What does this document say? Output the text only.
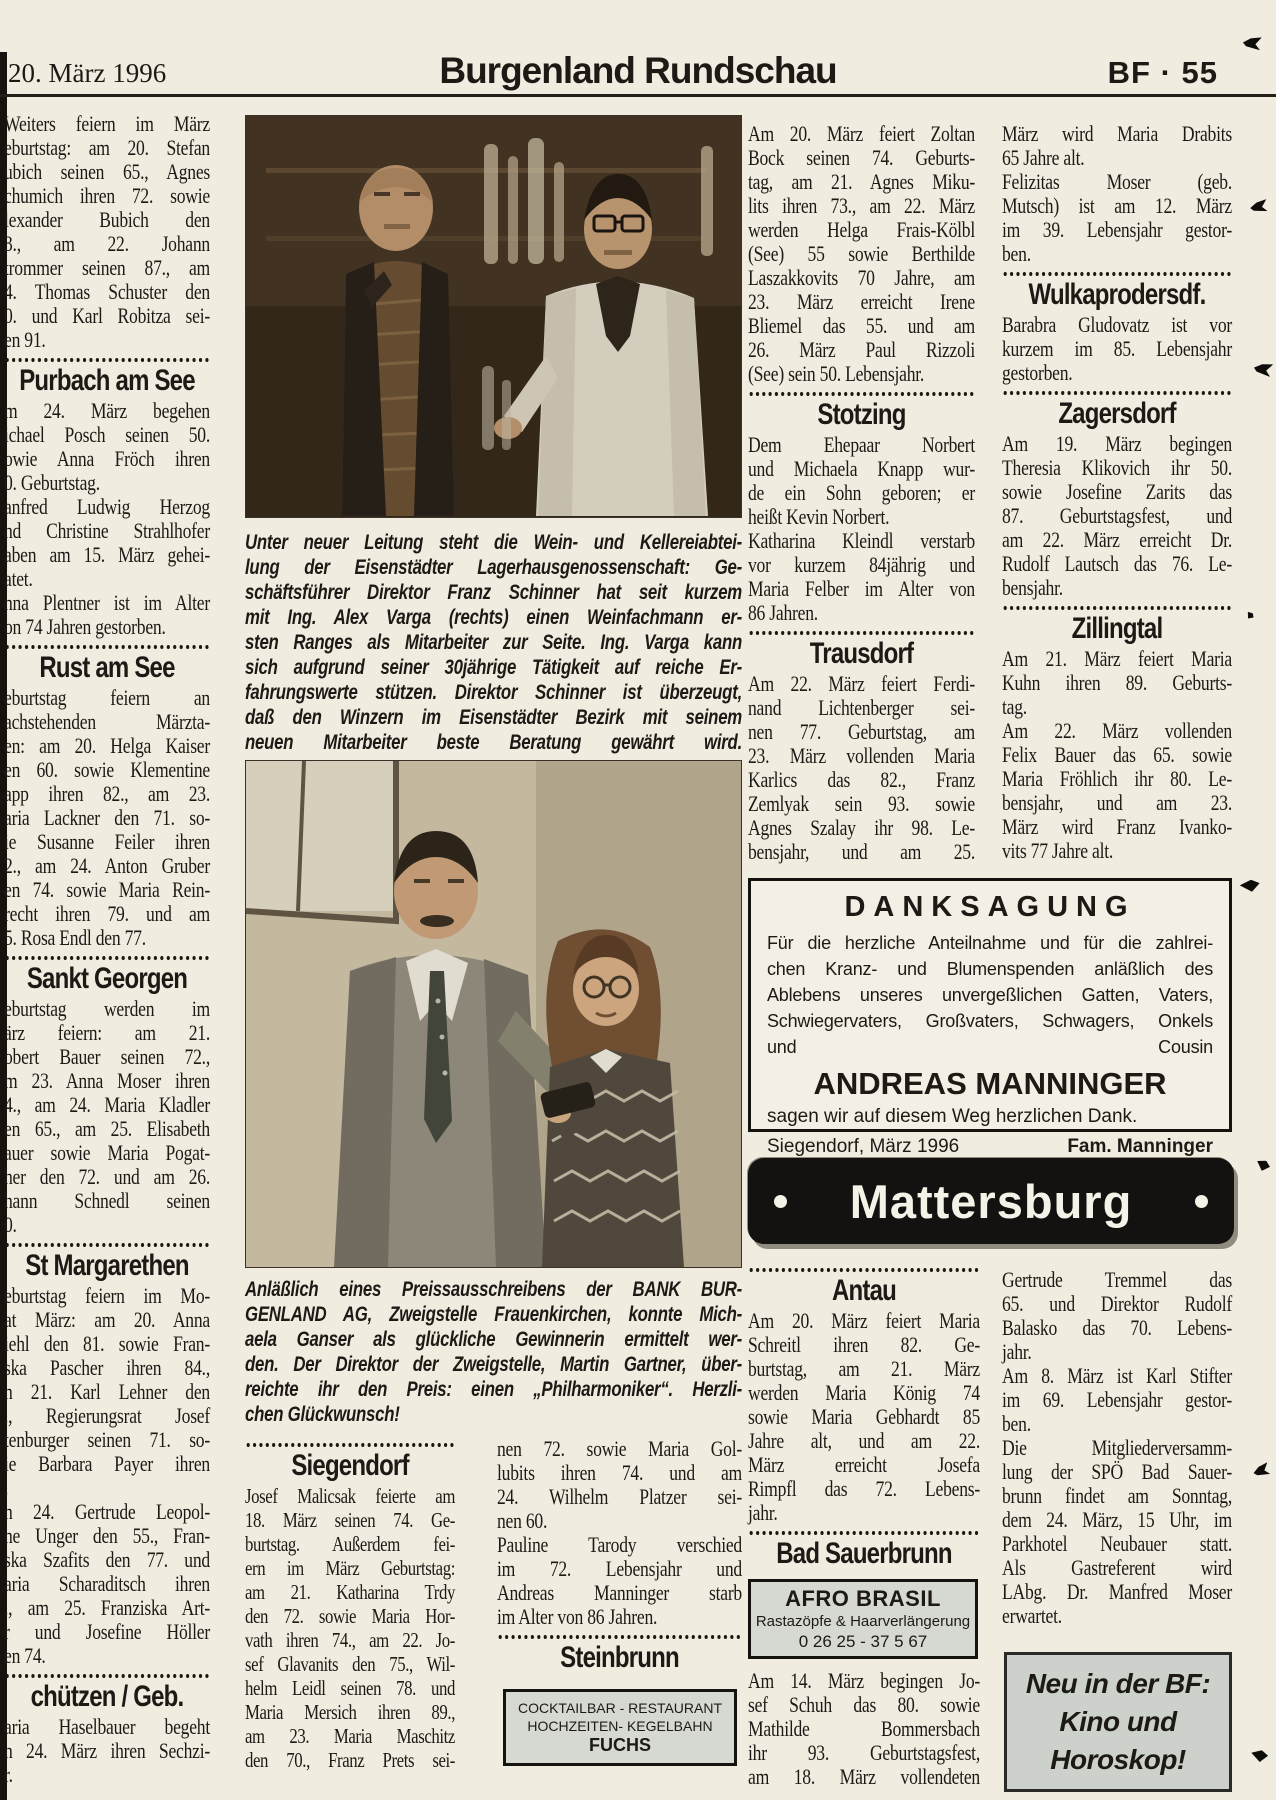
20. März 1996	Burgenland Rundschau	BF · 55
Weiters feiern im März
eburtstag: am 20. Stefan
ubich seinen 65., Agnes
chumich ihren 72. sowie
lexander Bubich den
3., am 22. Johann
trommer seinen 87., am
4. Thomas Schuster den
0. und Karl Robitza sei-
en 91.
Purbach am See
m 24. März begehen
ichael Posch seinen 50.
owie Anna Fröch ihren
0. Geburtstag.
anfred Ludwig Herzog
nd Christine Strahlhofer
aben am 15. März gehei-
atet.
nna Plentner ist im Alter
on 74 Jahren gestorben.
Rust am See
eburtstag feiern an
achstehenden Märzta-
en: am 20. Helga Kaiser
en 60. sowie Klementine
app ihren 82., am 23.
aria Lackner den 71. so-
ie Susanne Feiler ihren
2., am 24. Anton Gruber
en 74. sowie Maria Rein-
recht ihren 79. und am
5. Rosa Endl den 77.
Sankt Georgen
eburtstag werden im
ärz feiern: am 21.
obert Bauer seinen 72.,
m 23. Anna Moser ihren
4., am 24. Maria Kladler
en 65., am 25. Elisabeth
auer sowie Maria Pogat-
her den 72. und am 26.
hann Schnedl seinen
0.
St Margarethen
eburtstag feiern im Mo-
at März: am 20. Anna
iehl den 81. sowie Fran-
ska Pascher ihren 84.,
n 21. Karl Lehner den
., Regierungsrat Josef
tenburger seinen 71. so-
ie Barbara Payer ihren
.
n 24. Gertrude Leopol-
ne Unger den 55., Fran-
ska Szafits den 77. und
aria Scharaditsch ihren
., am 25. Franziska Art-
r und Josefine Höller
en 74.
chützen / Geb.
aria Haselbauer begeht
n 24. März ihren Sechzi-
r.
Unter neuer Leitung steht die Wein- und Kellereiabtei-
lung der Eisenstädter Lagerhausgenossenschaft: Ge-
schäftsführer Direktor Franz Schinner hat seit kurzem
mit Ing. Alex Varga (rechts) einen Weinfachmann er-
sten Ranges als Mitarbeiter zur Seite. Ing. Varga kann
sich aufgrund seiner 30jährige Tätigkeit auf reiche Er-
fahrungswerte stützen. Direktor Schinner ist überzeugt,
daß den Winzern im Eisenstädter Bezirk mit seinem
neuen Mitarbeiter beste Beratung gewährt wird.
Anläßlich eines Preissausschreibens der BANK BUR-
GENLAND AG, Zweigstelle Frauenkirchen, konnte Mich-
aela Ganser als glückliche Gewinnerin ermittelt wer-
den. Der Direktor der Zweigstelle, Martin Gartner, über-
reichte ihr den Preis: einen „Philharmoniker“. Herzli-
chen Glückwunsch!
Siegendorf
Josef Malicsak feierte am
18. März seinen 74. Ge-
burtstag. Außerdem fei-
ern im März Geburtstag:
am 21. Katharina Trdy
den 72. sowie Maria Hor-
vath ihren 74., am 22. Jo-
sef Glavanits den 75., Wil-
helm Leidl seinen 78. und
Maria Mersich ihren 89.,
am 23. Maria Maschitz
den 70., Franz Prets sei-
nen 72. sowie Maria Gol-
lubits ihren 74. und am
24. Wilhelm Platzer sei-
nen 60.
Pauline Tarody verschied
im 72. Lebensjahr und
Andreas Manninger starb
im Alter von 86 Jahren.
Steinbrunn
COCKTAILBAR - RESTAURANT
HOCHZEITEN- KEGELBAHN
FUCHS
Am 20. März feiert Zoltan
Bock seinen 74. Geburts-
tag, am 21. Agnes Miku-
lits ihren 73., am 22. März
werden Helga Frais-Kölbl
(See) 55 sowie Berthilde
Laszakkovits 70 Jahre, am
23. März erreicht Irene
Bliemel das 55. und am
26. März Paul Rizzoli
(See) sein 50. Lebensjahr.
Stotzing
Dem Ehepaar Norbert
und Michaela Knapp wur-
de ein Sohn geboren; er
heißt Kevin Norbert.
Katharina Kleindl verstarb
vor kurzem 84jährig und
Maria Felber im Alter von
86 Jahren.
Trausdorf
Am 22. März feiert Ferdi-
nand Lichtenberger sei-
nen 77. Geburtstag, am
23. März vollenden Maria
Karlics das 82., Franz
Zemlyak sein 93. sowie
Agnes Szalay ihr 98. Le-
bensjahr, und am 25.
März wird Maria Drabits
65 Jahre alt.
Felizitas Moser (geb.
Mutsch) ist am 12. März
im 39. Lebensjahr gestor-
ben.
Wulkaprodersdf.
Barabra Gludovatz ist vor
kurzem im 85. Lebensjahr
gestorben.
Zagersdorf
Am 19. März begingen
Theresia Klikovich ihr 50.
sowie Josefine Zarits das
87. Geburtstagsfest, und
am 22. März erreicht Dr.
Rudolf Lautsch das 76. Le-
bensjahr.
Zillingtal
Am 21. März feiert Maria
Kuhn ihren 89. Geburts-
tag.
Am 22. März vollenden
Felix Bauer das 65. sowie
Maria Fröhlich ihr 80. Le-
bensjahr, und am 23.
März wird Franz Ivanko-
vits 77 Jahre alt.
DANKSAGUNG
Für die herzliche Anteilnahme und für die zahlrei-
chen Kranz- und Blumenspenden anläßlich des
Ablebens unseres unvergeßlichen Gatten, Vaters,
Schwiegervaters, Großvaters, Schwagers, Onkels
und Cousin
ANDREAS MANNINGER
sagen wir auf diesem Weg herzlichen Dank.
Siegendorf, März 1996	Fam. Manninger
Mattersburg
Antau
Am 20. März feiert Maria
Schreitl ihren 82. Ge-
burtstag, am 21. März
werden Maria König 74
sowie Maria Gebhardt 85
Jahre alt, und am 22.
März erreicht Josefa
Rimpfl das 72. Lebens-
jahr.
Bad Sauerbrunn
AFRO BRASIL
Rastazöpfe & Haarverlängerung
0 26 25 - 37 5 67
Am 14. März begingen Jo-
sef Schuh das 80. sowie
Mathilde Bommersbach
ihr 93. Geburtstagsfest,
am 18. März vollendeten
Gertrude Tremmel das
65. und Direktor Rudolf
Balasko das 70. Lebens-
jahr.
Am 8. März ist Karl Stifter
im 69. Lebensjahr gestor-
ben.
Die Mitgliederversamm-
lung der SPÖ Bad Sauer-
brunn findet am Sonntag,
dem 24. März, 15 Uhr, im
Parkhotel Neubauer statt.
Als Gastreferent wird
LAbg. Dr. Manfred Moser
erwartet.
Neu in der BF:
Kino und
Horoskop!
